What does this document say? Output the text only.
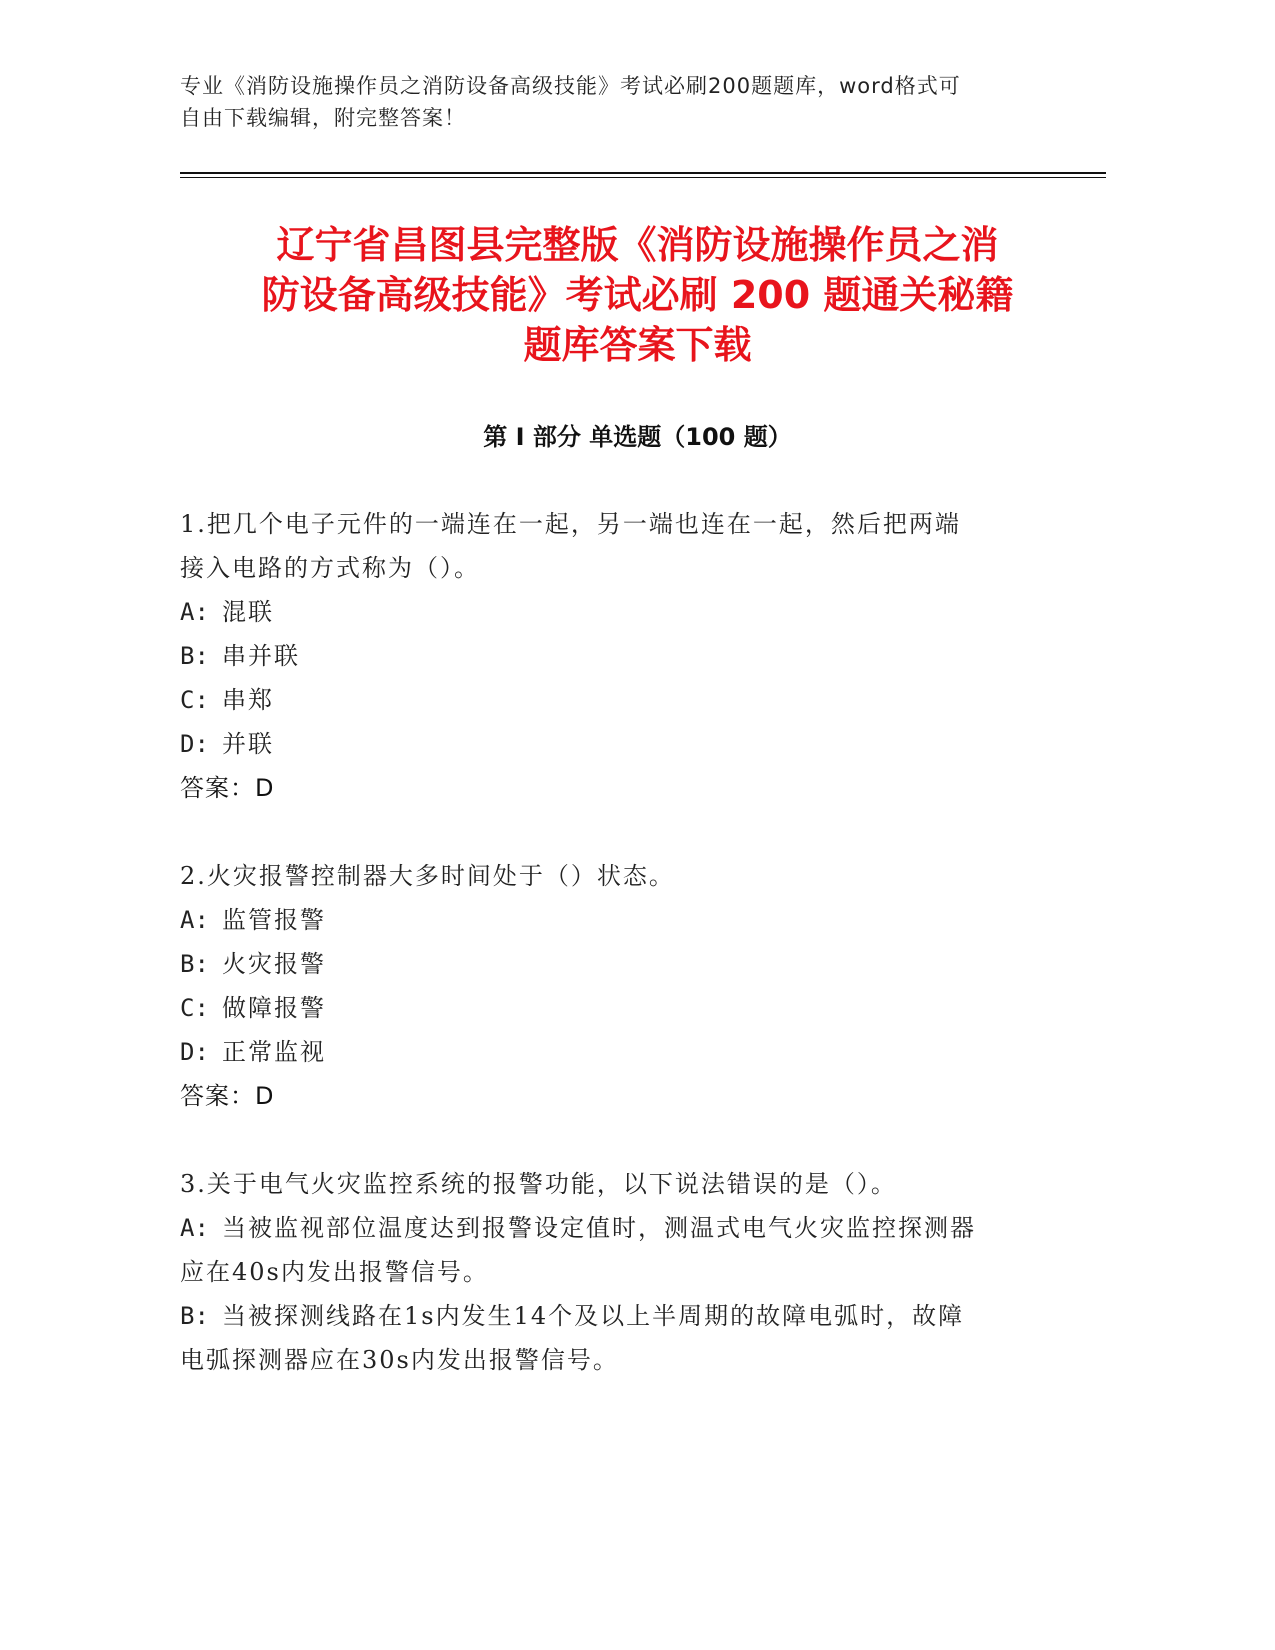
专业《消防设施操作员之消防设备高级技能》考试必刷200题题库，word格式可
自由下载编辑，附完整答案！
辽宁省昌图县完整版《消防设施操作员之消
防设备高级技能》考试必刷 200 题通关秘籍
题库答案下载
第 I 部分 单选题（100 题）

1.把几个电子元件的一端连在一起，另一端也连在一起，然后把两端

接入电路的方式称为（）。

A: 混联

B: 串并联

C: 串郑

D: 并联

答案：D

2.火灾报警控制器大多时间处于（）状态。

A: 监管报警

B: 火灾报警

C: 做障报警

D: 正常监视

答案：D

3.关于电气火灾监控系统的报警功能，以下说法错误的是（）。

A: 当被监视部位温度达到报警设定值时，测温式电气火灾监控探测器

应在40s内发出报警信号。

B: 当被探测线路在1s内发生14个及以上半周期的故障电弧时，故障

电弧探测器应在30s内发出报警信号。
